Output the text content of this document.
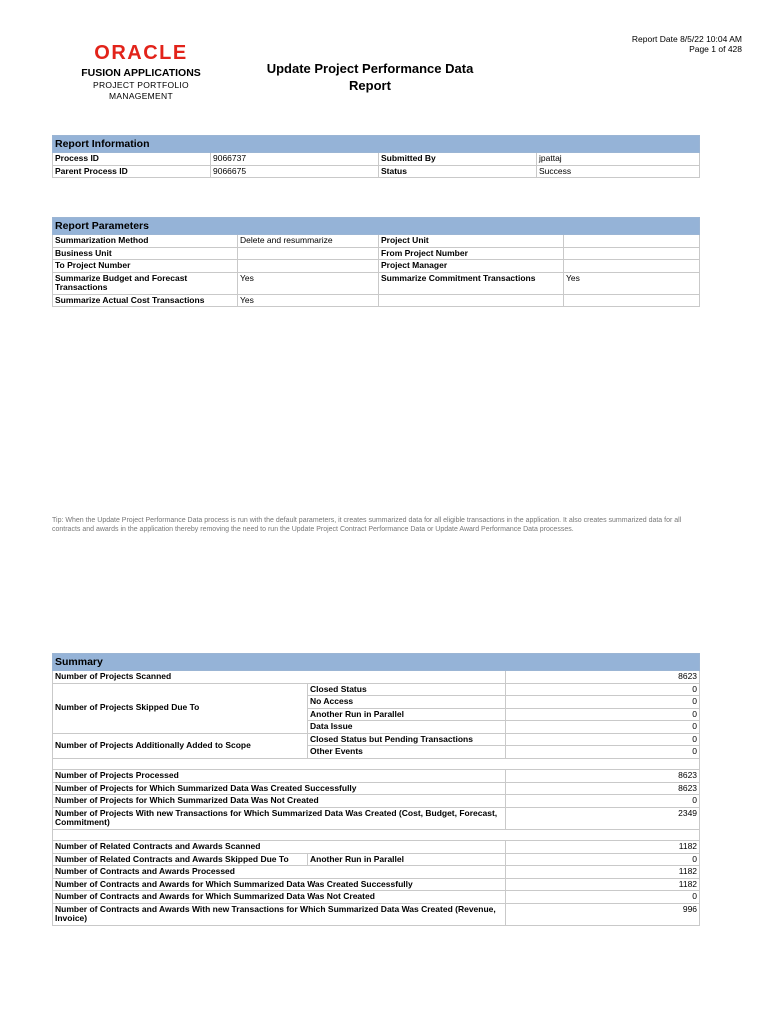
Report Date 8/5/22 10:04 AM
Page 1 of 428
ORACLE
FUSION APPLICATIONS
PROJECT PORTFOLIO
MANAGEMENT
Update Project Performance Data
Report
Report Information			
Process ID	9066737	Submitted By	jpattaj
Parent Process ID	9066675	Status	Success
Report Parameters			
Summarization Method	Delete and resummarize	Project Unit	
Business Unit		From Project Number	
To Project Number		Project Manager	
Summarize Budget and Forecast Transactions	Yes	Summarize Commitment Transactions	Yes
Summarize Actual Cost Transactions	Yes		
Tip: When the Update Project Performance Data process is run with the default parameters, it creates summarized data for all eligible transactions in the application. It also creates summarized data for all contracts and awards in the application thereby removing the need to run the Update Project Contract Performance Data or Update Award Performance Data processes.
Summary		
Number of Projects Scanned		8623
Number of Projects Skipped Due To	Closed Status	0
	No Access	0
	Another Run in Parallel	0
	Data Issue	0
Number of Projects Additionally Added to Scope	Closed Status but Pending Transactions	0
	Other Events	0

Number of Projects Processed		8623
Number of Projects for Which Summarized Data Was Created Successfully		8623
Number of Projects for Which Summarized Data Was Not Created		0
Number of Projects With new Transactions for Which Summarized Data Was Created (Cost, Budget, Forecast, Commitment)		2349

Number of Related Contracts and Awards Scanned		1182
Number of Related Contracts and Awards Skipped Due To	Another Run in Parallel	0
Number of Contracts and Awards Processed		1182
Number of Contracts and Awards for Which Summarized Data Was Created Successfully		1182
Number of Contracts and Awards for Which Summarized Data Was Not Created		0
Number of Contracts and Awards With new Transactions for Which Summarized Data Was Created (Revenue, Invoice)		996
